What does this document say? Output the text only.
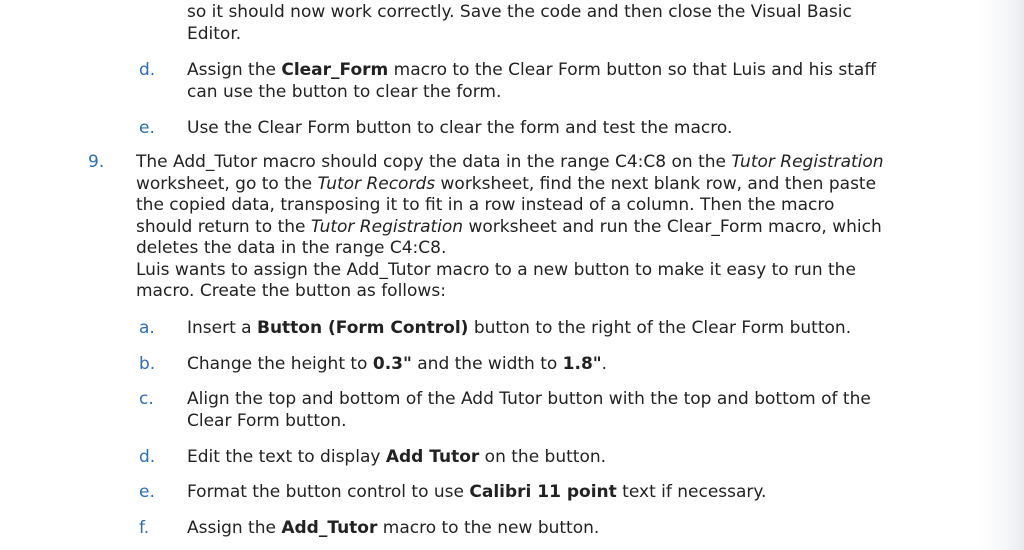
so it should now work correctly. Save the code and then close the Visual Basic
Editor.
d. Assign the Clear_Form macro to the Clear Form button so that Luis and his staff
can use the button to clear the form.
e. Use the Clear Form button to clear the form and test the macro.
9. The Add_Tutor macro should copy the data in the range C4:C8 on the Tutor Registration
worksheet, go to the Tutor Records worksheet, find the next blank row, and then paste
the copied data, transposing it to fit in a row instead of a column. Then the macro
should return to the Tutor Registration worksheet and run the Clear_Form macro, which
deletes the data in the range C4:C8.
Luis wants to assign the Add_Tutor macro to a new button to make it easy to run the
macro. Create the button as follows:
a. Insert a Button (Form Control) button to the right of the Clear Form button.
b. Change the height to 0.3" and the width to 1.8".
c. Align the top and bottom of the Add Tutor button with the top and bottom of the
Clear Form button.
d. Edit the text to display Add Tutor on the button.
e. Format the button control to use Calibri 11 point text if necessary.
f. Assign the Add_Tutor macro to the new button.
